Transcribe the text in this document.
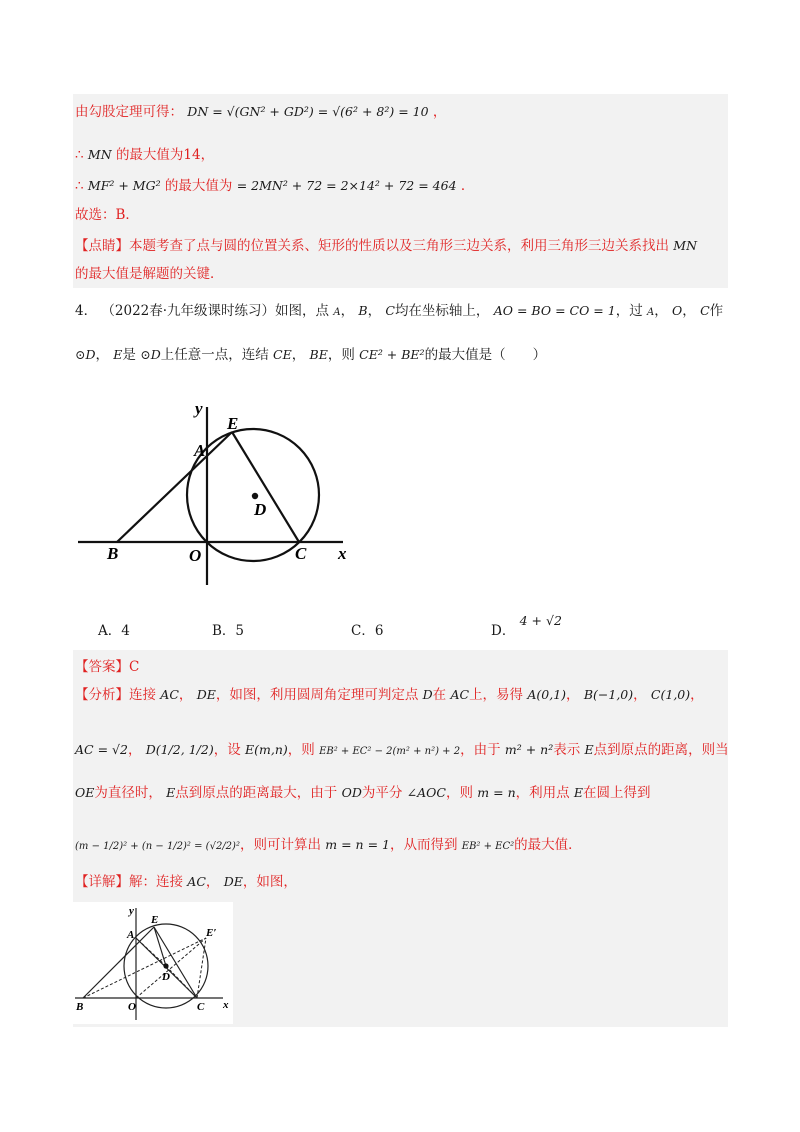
由勾股定理可得： DN = √(GN² + GD²) = √(6² + 8²) = 10 ，
∴ MN 的最大值为14，
∴ MF² + MG² 的最大值为 = 2MN² + 72 = 2×14² + 72 = 464 ．
故选：B．
【点睛】本题考查了点与圆的位置关系、矩形的性质以及三角形三边关系，利用三角形三边关系找出 MN
的最大值是解题的关键．
4． （2022春·九年级课时练习）如图，点 A， B， C均在坐标轴上， AO = BO = CO = 1，过 A， O， C作
⊙D， E是 ⊙D上任意一点，连结 CE， BE，则 CE² + BE²的最大值是（　　）
y
E
A
D
B	O	C x
A．4	B．5	C．6	D． 4 + √2
【答案】C
【分析】连接 AC， DE，如图，利用圆周角定理可判定点 D在 AC上，易得 A(0,1)， B(−1,0)， C(1,0)，
AC = √2， D(1/2, 1/2)，设 E(m,n)，则 EB² + EC² − 2(m² + n²) + 2，由于 m² + n²表示 E点到原点的距离，则当
OE为直径时， E点到原点的距离最大，由于 OD为平分 ∠AOC，则 m = n，利用点 E在圆上得到
(m − 1/2)² + (n − 1/2)² = (√2/2)²，则可计算出 m = n = 1，从而得到 EB² + EC²的最大值．
【详解】解：连接 AC， DE，如图，
y
E
E′
A
D
B	O	C x
